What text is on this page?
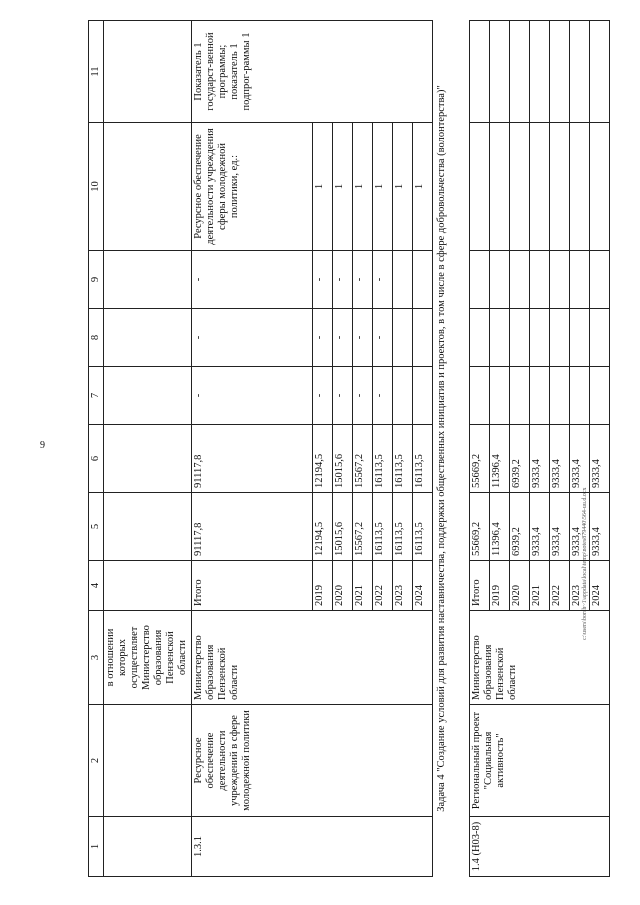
9
c:\users\borsh~1\appdata\local\temp\notes879440\564-uu.d.ocx
1	2	3	4	5	6	7	8	9	10	11
		в отношении которых осуществляет Министерство образования Пензенской области								
1.3.1	Ресурсное обеспечение деятельности учреждений в сфере молодежной политики	Министерство образования Пензенской области	Итого	91117,8	91117,8	-	-	-	Ресурсное обеспечение деятельности учреждения сферы молодежной политики, ед.:	Показатель 1 государст-венной программы; показатель 1 подпрог-раммы 1
			2019	12194,5	12194,5	-	-	-	1	
			2020	15015,6	15015,6	-	-	-	1	
			2021	15567,2	15567,2	-	-	-	1	
			2022	16113,5	16113,5	-	-	-	1	
			2023	16113,5	16113,5				1	
			2024	16113,5	16113,5				1	
Задача 4 "Создание условий для развития наставничества, поддержки общественных инициатив и проектов, в том числе в сфере добровольчества (волонтерства)"										
1.4 (Н03-8)	Региональный проект "Социальная активность"	Министерство образования Пензенской области	Итого	55669,2	55669,2					
			2019	11396,4	11396,4					
			2020	6939,2	6939,2					
			2021	9333,4	9333,4					
			2022	9333,4	9333,4					
			2023	9333,4	9333,4					
			2024	9333,4	9333,4					
